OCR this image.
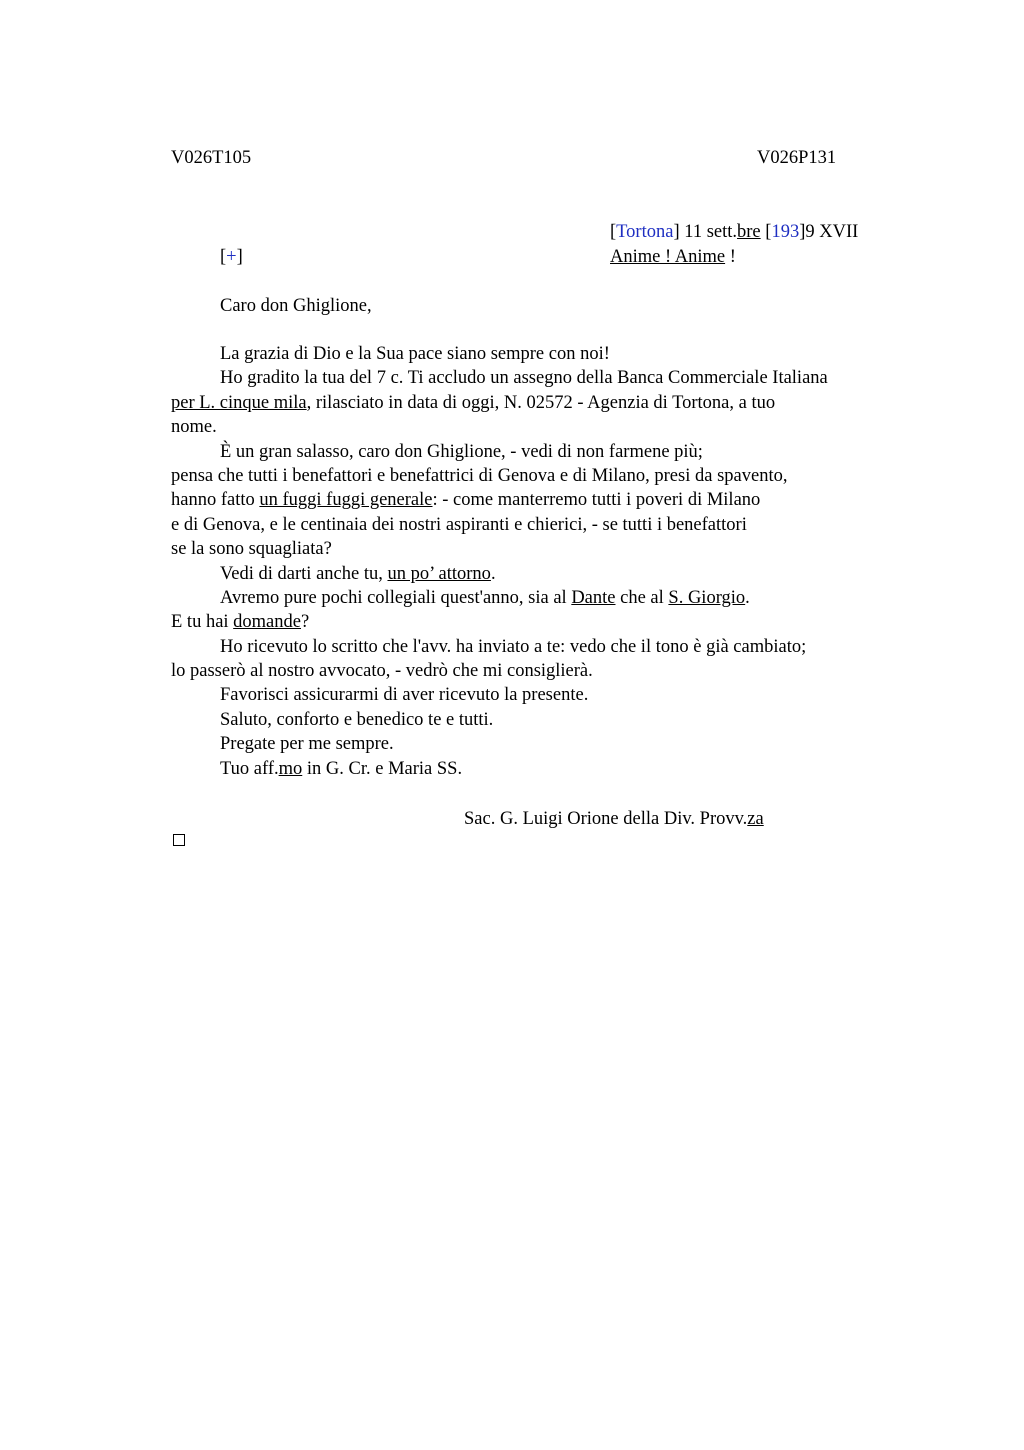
V026T105	V026P131
[Tortona] 11 sett.bre [193]9 XVII
[+]	Anime ! Anime !
Caro don Ghiglione,
La grazia di Dio e la Sua pace siano sempre con noi!
Ho gradito la tua del 7 c. Ti accludo un assegno della Banca Commerciale Italiana
per L. cinque mila, rilasciato in data di oggi, N. 02572 - Agenzia di Tortona, a tuo
nome.
È un gran salasso, caro don Ghiglione, - vedi di non farmene più;
pensa che tutti i benefattori e benefattrici di Genova e di Milano, presi da spavento,
hanno fatto un fuggi fuggi generale: - come manterremo tutti i poveri di Milano
e di Genova, e le centinaia dei nostri aspiranti e chierici, - se tutti i benefattori
se la sono squagliata?
Vedi di darti anche tu, un po’ attorno.
Avremo pure pochi collegiali quest'anno, sia al Dante che al S. Giorgio.
E tu hai domande?
Ho ricevuto lo scritto che l'avv. ha inviato a te: vedo che il tono è già cambiato;
lo passerò al nostro avvocato, - vedrò che mi consiglierà.
Favorisci assicurarmi di aver ricevuto la presente.
Saluto, conforto e benedico te e tutti.
Pregate per me sempre.
Tuo aff.mo in G. Cr. e Maria SS.
Sac. G. Luigi Orione della Div. Provv.za
